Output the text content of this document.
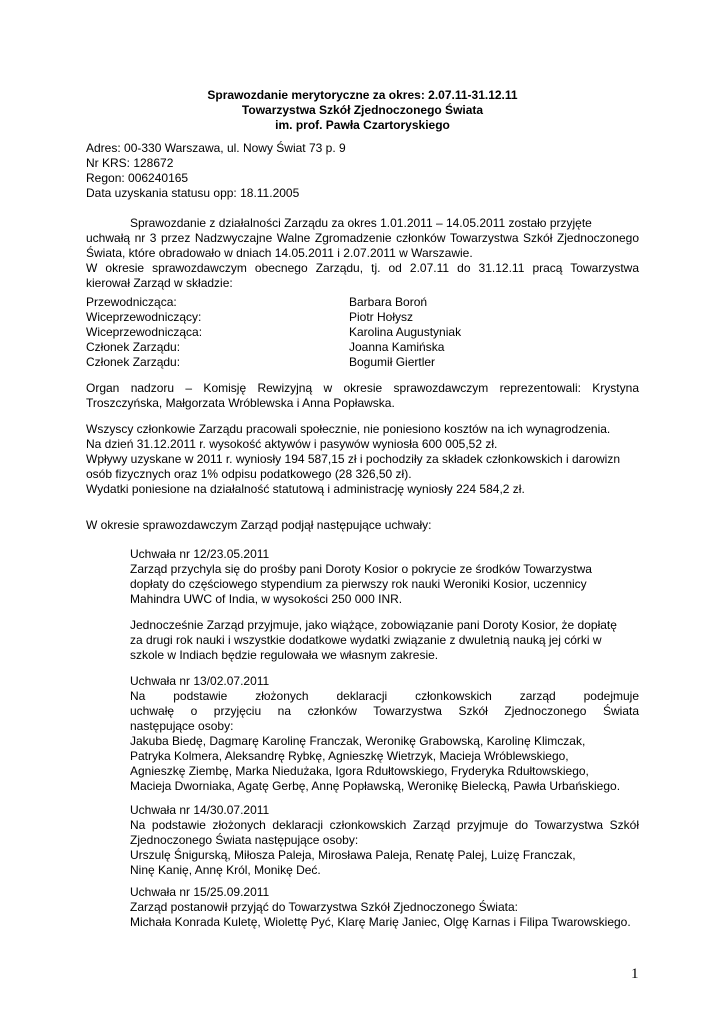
Sprawozdanie merytoryczne za okres: 2.07.11-31.12.11
Towarzystwa Szkół Zjednoczonego Świata
im. prof. Pawła Czartoryskiego
Adres: 00-330 Warszawa, ul. Nowy Świat 73 p. 9
Nr KRS: 128672
Regon: 006240165
Data uzyskania statusu opp: 18.11.2005
Sprawozdanie z działalności Zarządu za okres 1.01.2011 – 14.05.2011 zostało przyjęte
uchwałą nr 3 przez Nadzwyczajne Walne Zgromadzenie członków Towarzystwa Szkół Zjednoczonego
Świata, które obradowało w dniach 14.05.2011 i 2.07.2011 w Warszawie.
W okresie sprawozdawczym obecnego Zarządu, tj. od 2.07.11 do 31.12.11 pracą Towarzystwa
kierował Zarząd w składzie:
Przewodnicząca:	Barbara Boroń
Wiceprzewodniczący:	Piotr Hołysz
Wiceprzewodnicząca:	Karolina Augustyniak
Członek Zarządu:	Joanna Kamińska
Członek Zarządu:	Bogumił Giertler
Organ nadzoru – Komisję Rewizyjną w okresie sprawozdawczym reprezentowali: Krystyna
Troszczyńska, Małgorzata Wróblewska i Anna Popławska.
Wszyscy członkowie Zarządu pracowali społecznie, nie poniesiono kosztów na ich wynagrodzenia.
Na dzień 31.12.2011 r. wysokość aktywów i pasywów wyniosła 600 005,52 zł.
Wpływy uzyskane w 2011 r. wyniosły 194 587,15 zł i pochodziły za składek członkowskich i darowizn
osób fizycznych oraz 1% odpisu podatkowego (28 326,50 zł).
Wydatki poniesione na działalność statutową i administrację wyniosły 224 584,2 zł.
W okresie sprawozdawczym Zarząd podjął następujące uchwały:
Uchwała nr 12/23.05.2011
Zarząd przychyla się do prośby pani Doroty Kosior o pokrycie ze środków Towarzystwa
dopłaty do częściowego stypendium za pierwszy rok nauki Weroniki Kosior, uczennicy
Mahindra UWC of India, w wysokości 250 000 INR.
Jednocześnie Zarząd przyjmuje, jako wiążące, zobowiązanie pani Doroty Kosior, że dopłatę
za drugi rok nauki i wszystkie dodatkowe wydatki związanie z dwuletnią nauką jej córki w
szkole w Indiach będzie regulowała we własnym zakresie.
Uchwała nr 13/02.07.2011
Na podstawie złożonych deklaracji członkowskich zarząd podejmuje
uchwałę o przyjęciu na członków Towarzystwa Szkół Zjednoczonego Świata
następujące osoby:
Jakuba Biedę, Dagmarę Karolinę Franczak, Weronikę Grabowską, Karolinę Klimczak,
Patryka Kolmera, Aleksandrę Rybkę, Agnieszkę Wietrzyk, Macieja Wróblewskiego,
Agnieszkę Ziembę, Marka Niedużaka, Igora Rdułtowskiego, Fryderyka Rdułtowskiego,
Macieja Dworniaka, Agatę Gerbę, Annę Popławską, Weronikę Bielecką, Pawła Urbańskiego.
Uchwała nr 14/30.07.2011
Na podstawie złożonych deklaracji członkowskich Zarząd przyjmuje do Towarzystwa Szkół
Zjednoczonego Świata następujące osoby:
Urszulę Śnigurską, Miłosza Paleja, Mirosława Paleja, Renatę Palej, Luizę Franczak,
Ninę Kanię, Annę Król, Monikę Deć.
Uchwała nr 15/25.09.2011
Zarząd postanowił przyjąć do Towarzystwa Szkół Zjednoczonego Świata:
Michała Konrada Kuletę, Wiolettę Pyć, Klarę Marię Janiec, Olgę Karnas i Filipa Twarowskiego.
1
